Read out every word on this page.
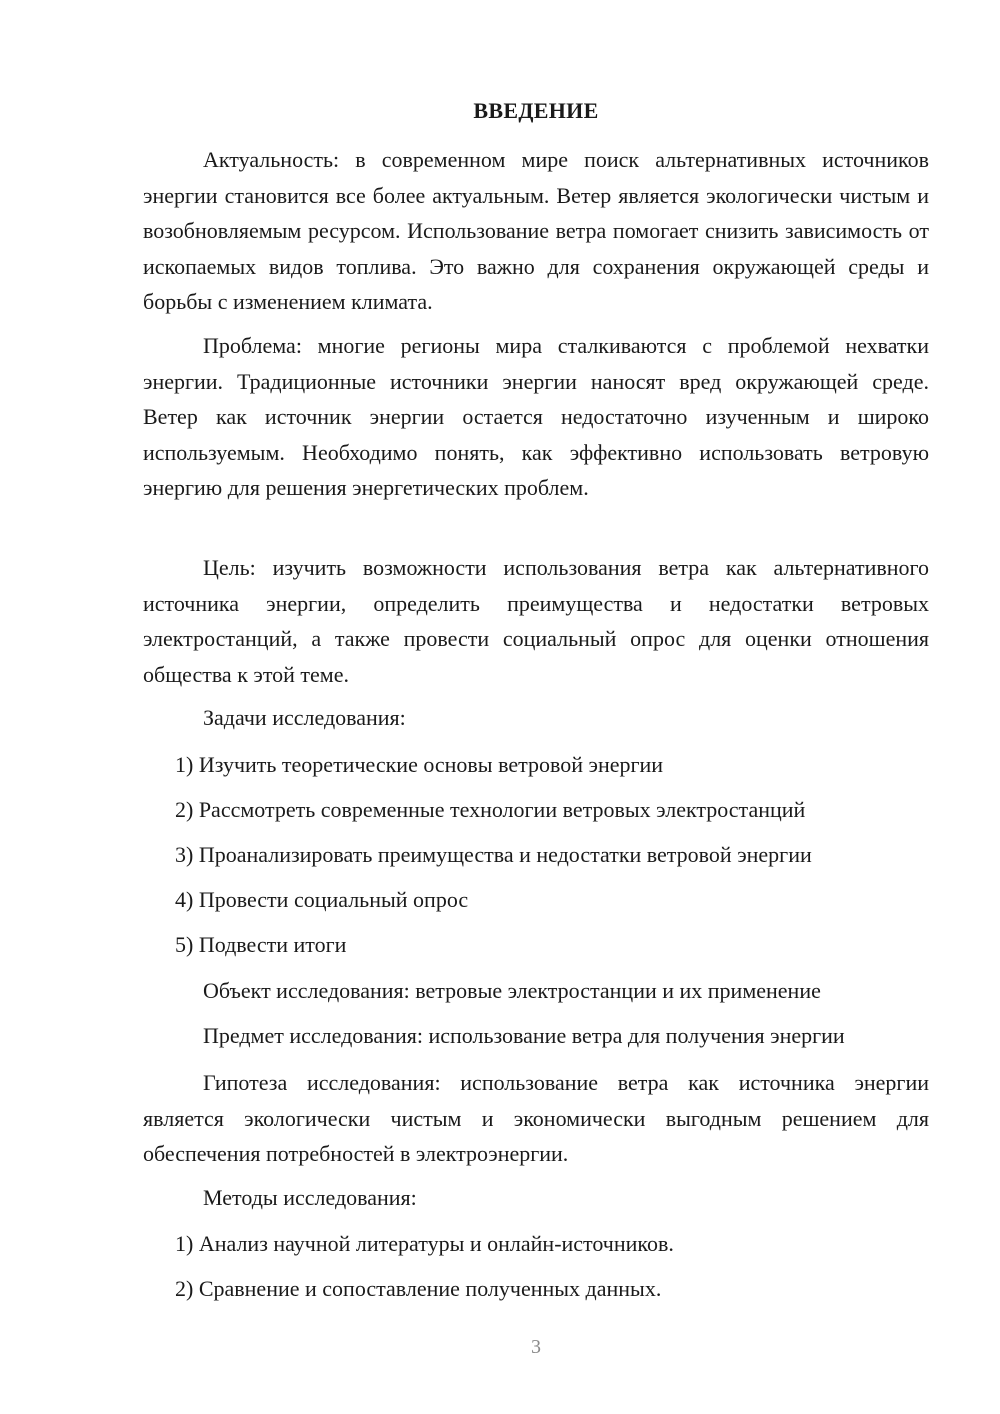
ВВЕДЕНИЕ

Актуальность: в современном мире поиск альтернативных источников энергии становится все более актуальным. Ветер является экологически чистым и возобновляемым ресурсом. Использование ветра помогает снизить зависимость от ископаемых видов топлива. Это важно для сохранения окружающей среды и борьбы с изменением климата.

Проблема: многие регионы мира сталкиваются с проблемой нехватки энергии. Традиционные источники энергии наносят вред окружающей среде. Ветер как источник энергии остается недостаточно изученным и широко используемым. Необходимо понять, как эффективно использовать ветровую энергию для решения энергетических проблем.

Цель: изучить возможности использования ветра как альтернативного источника энергии, определить преимущества и недостатки ветровых электростанций, а также провести социальный опрос для оценки отношения общества к этой теме.

Задачи исследования:
1) Изучить теоретические основы ветровой энергии
2) Рассмотреть современные технологии ветровых электростанций
3) Проанализировать преимущества и недостатки ветровой энергии
4) Провести социальный опрос
5) Подвести итоги
Объект исследования: ветровые электростанции и их применение
Предмет исследования: использование ветра для получения энергии

Гипотеза исследования: использование ветра как источника энергии является экологически чистым и экономически выгодным решением для обеспечения потребностей в электроэнергии.

Методы исследования:
1) Анализ научной литературы и онлайн-источников.
2) Сравнение и сопоставление полученных данных.
3
